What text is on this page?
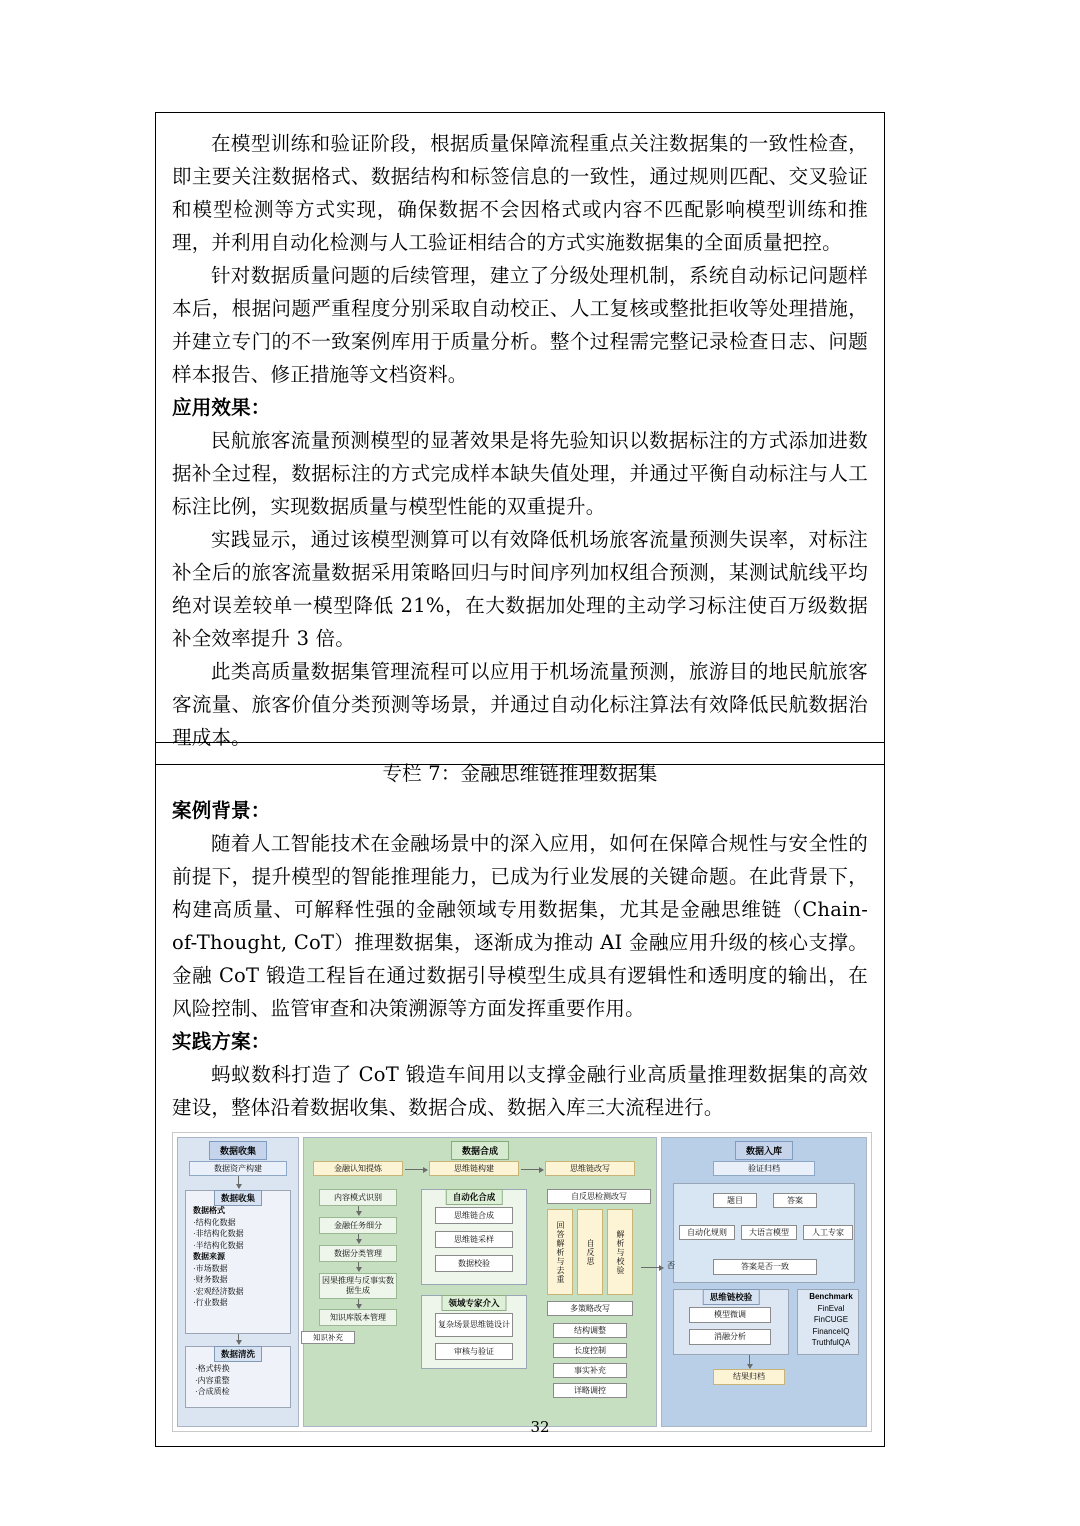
在模型训练和验证阶段，根据质量保障流程重点关注数据集的一致性检查，即主要关注数据格式、数据结构和标签信息的一致性，通过规则匹配、交叉验证和模型检测等方式实现，确保数据不会因格式或内容不匹配影响模型训练和推理，并利用自动化检测与人工验证相结合的方式实施数据集的全面质量把控。

针对数据质量问题的后续管理，建立了分级处理机制，系统自动标记问题样本后，根据问题严重程度分别采取自动校正、人工复核或整批拒收等处理措施，并建立专门的不一致案例库用于质量分析。整个过程需完整记录检查日志、问题样本报告、修正措施等文档资料。

应用效果：

民航旅客流量预测模型的显著效果是将先验知识以数据标注的方式添加进数据补全过程，数据标注的方式完成样本缺失值处理，并通过平衡自动标注与人工标注比例，实现数据质量与模型性能的双重提升。

实践显示，通过该模型测算可以有效降低机场旅客流量预测失误率，对标注补全后的旅客流量数据采用策略回归与时间序列加权组合预测，某测试航线平均绝对误差较单一模型降低 21%，在大数据加处理的主动学习标注使百万级数据补全效率提升 3 倍。

此类高质量数据集管理流程可以应用于机场流量预测，旅游目的地民航旅客客流量、旅客价值分类预测等场景，并通过自动化标注算法有效降低民航数据治理成本。

专栏 7：金融思维链推理数据集

案例背景：

随着人工智能技术在金融场景中的深入应用，如何在保障合规性与安全性的前提下，提升模型的智能推理能力，已成为行业发展的关键命题。在此背景下，构建高质量、可解释性强的金融领域专用数据集，尤其是金融思维链（Chain-of-Thought, CoT）推理数据集，逐渐成为推动 AI 金融应用升级的核心支撑。金融 CoT 锻造工程旨在通过数据引导模型生成具有逻辑性和透明度的输出，在风险控制、监管审查和决策溯源等方面发挥重要作用。

实践方案：

蚂蚁数科打造了 CoT 锻造车间用以支撑金融行业高质量推理数据集的高效建设，整体沿着数据收集、数据合成、数据入库三大流程进行。

数据收集
数据资产构建
数据收集
数据格式
·结构化数据
·非结构化数据
·半结构化数据
数据来源
·市场数据
·财务数据
·宏观经济数据
·行业数据
数据清洗
·格式转换
·内容重整
·合成质检
数据合成
金融认知提炼	思维链构建	思维链改写
内容模式识别
金融任务细分
数据分类管理
因果推理与反事实数据生成
知识库版本管理
知识补充
自动化合成
思维链合成
思维链采样
数据校验
领域专家介入
复杂场景思维链设计
审核与验证
自反思检测改写
回答解析与去重	自反思	解析与校验
多策略改写
结构调整
长度控制
事实补充
详略调控
数据入库
验证归档
题目	答案
自动化规则	大语言模型	人工专家
答案是否一致
否
思维链校验
模型微调
消融分析
Benchmark
FinEval
FinCUGE
FinanceIQ
TruthfulQA
结果归档
32
